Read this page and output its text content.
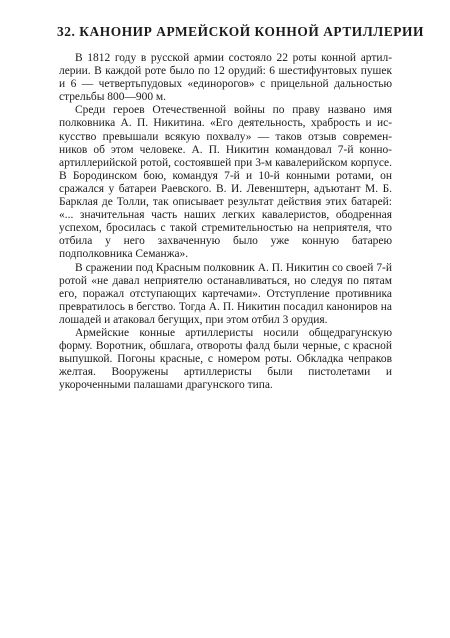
32. КАНОНИР АРМЕЙСКОЙ КОННОЙ АРТИЛЛЕРИИ

В 1812 году в русской армии состояло 22 роты конной артиллерии. В каждой роте было по 12 орудий: 6 шестифунтовых пушек и 6 — четвертьпудовых «единорогов» с прицельной дальностью стрельбы 800—900 м.

Среди героев Отечественной войны по праву названо имя полковника А. П. Никитина. «Его деятельность, храбрость и искусство превышали всякую похвалу» — таков отзыв современников об этом человеке. А. П. Никитин командовал 7-й конно-артиллерийской ротой, состоявшей при 3-м кавалерийском корпусе. В Бородинском бою, командуя 7-й и 10-й конными ротами, он сражался у батареи Раевского. В. И. Левенштерн, адъютант М. Б. Барклая де Толли, так описывает результат действия этих батарей: «... значительная часть наших легких кавалеристов, ободренная успехом, бросилась с такой стремительностью на неприятеля, что отбила у него захваченную было уже конную батарею подполковника Семанжа».

В сражении под Красным полковник А. П. Никитин со своей 7-й ротой «не давал неприятелю останавливаться, но следуя по пятам его, поражал отступающих картечами». Отступление противника превратилось в бегство. Тогда А. П. Никитин посадил канониров на лошадей и атаковал бегущих, при этом отбил 3 орудия.

Армейские конные артиллеристы носили общедрагунскую форму. Воротник, обшлага, отвороты фалд были черные, с красной выпушкой. Погоны красные, с номером роты. Обкладка чепраков желтая. Вооружены артиллеристы были пистолетами и укороченными палашами драгунского типа.
